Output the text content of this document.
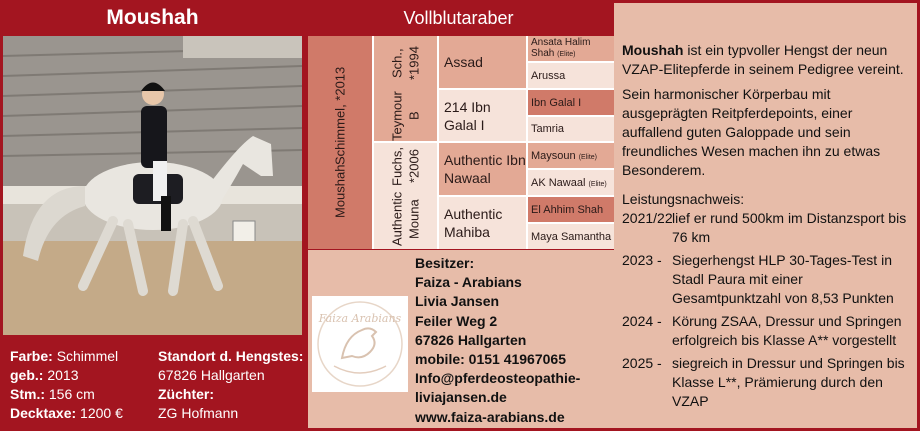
Moushah
Farbe: Schimmel
geb.: 2013
Stm.: 156 cm
Decktaxe: 1200 €
Standort d. Hengstes:
67826 Hallgarten
Züchter:
ZG Hofmann
Vollblutaraber
Moushah
Schimmel, *2013	Teymour B
Sch., *1994
Authentic Mouna
Fuchs, *2006
Assad
214 Ibn Galal I
Authentic Ibn Nawaal
Authentic Mahiba
Ansata Halim Shah (Elite)
Arussa
Ibn Galal I
Tamria
Maysoun (Elite)
AK Nawaal (Elite)
El Ahhim Shah
Maya Samantha
Faiza Arabians
Besitzer:
Faiza - Arabians
Livia Jansen
Feiler Weg 2
67826 Hallgarten
mobile: 0151 41967065
Info@pferdeosteopathie-
liviajansen.de
www.faiza-arabians.de

Moushah ist ein typvoller Hengst der neun VZAP-Elitepferde in seinem Pedigree vereint.

Sein harmonischer Körperbau mit ausgeprägten Reitpferdepoints, einer auffallend guten Galoppade und sein freundliches Wesen machen ihn zu etwas Besonderem.

Leistungsnachweis:
2021/22 lief er rund 500km im Distanzsport bis 76 km
2023 - Siegerhengst HLP 30-Tages-Test in Stadl Paura mit einer Gesamtpunktzahl von 8,53 Punkten
2024 - Körung ZSAA, Dressur und Springen erfolgreich bis Klasse A** vorgestellt
2025 - siegreich in Dressur und Springen bis Klasse L**, Prämierung durch den VZAP
